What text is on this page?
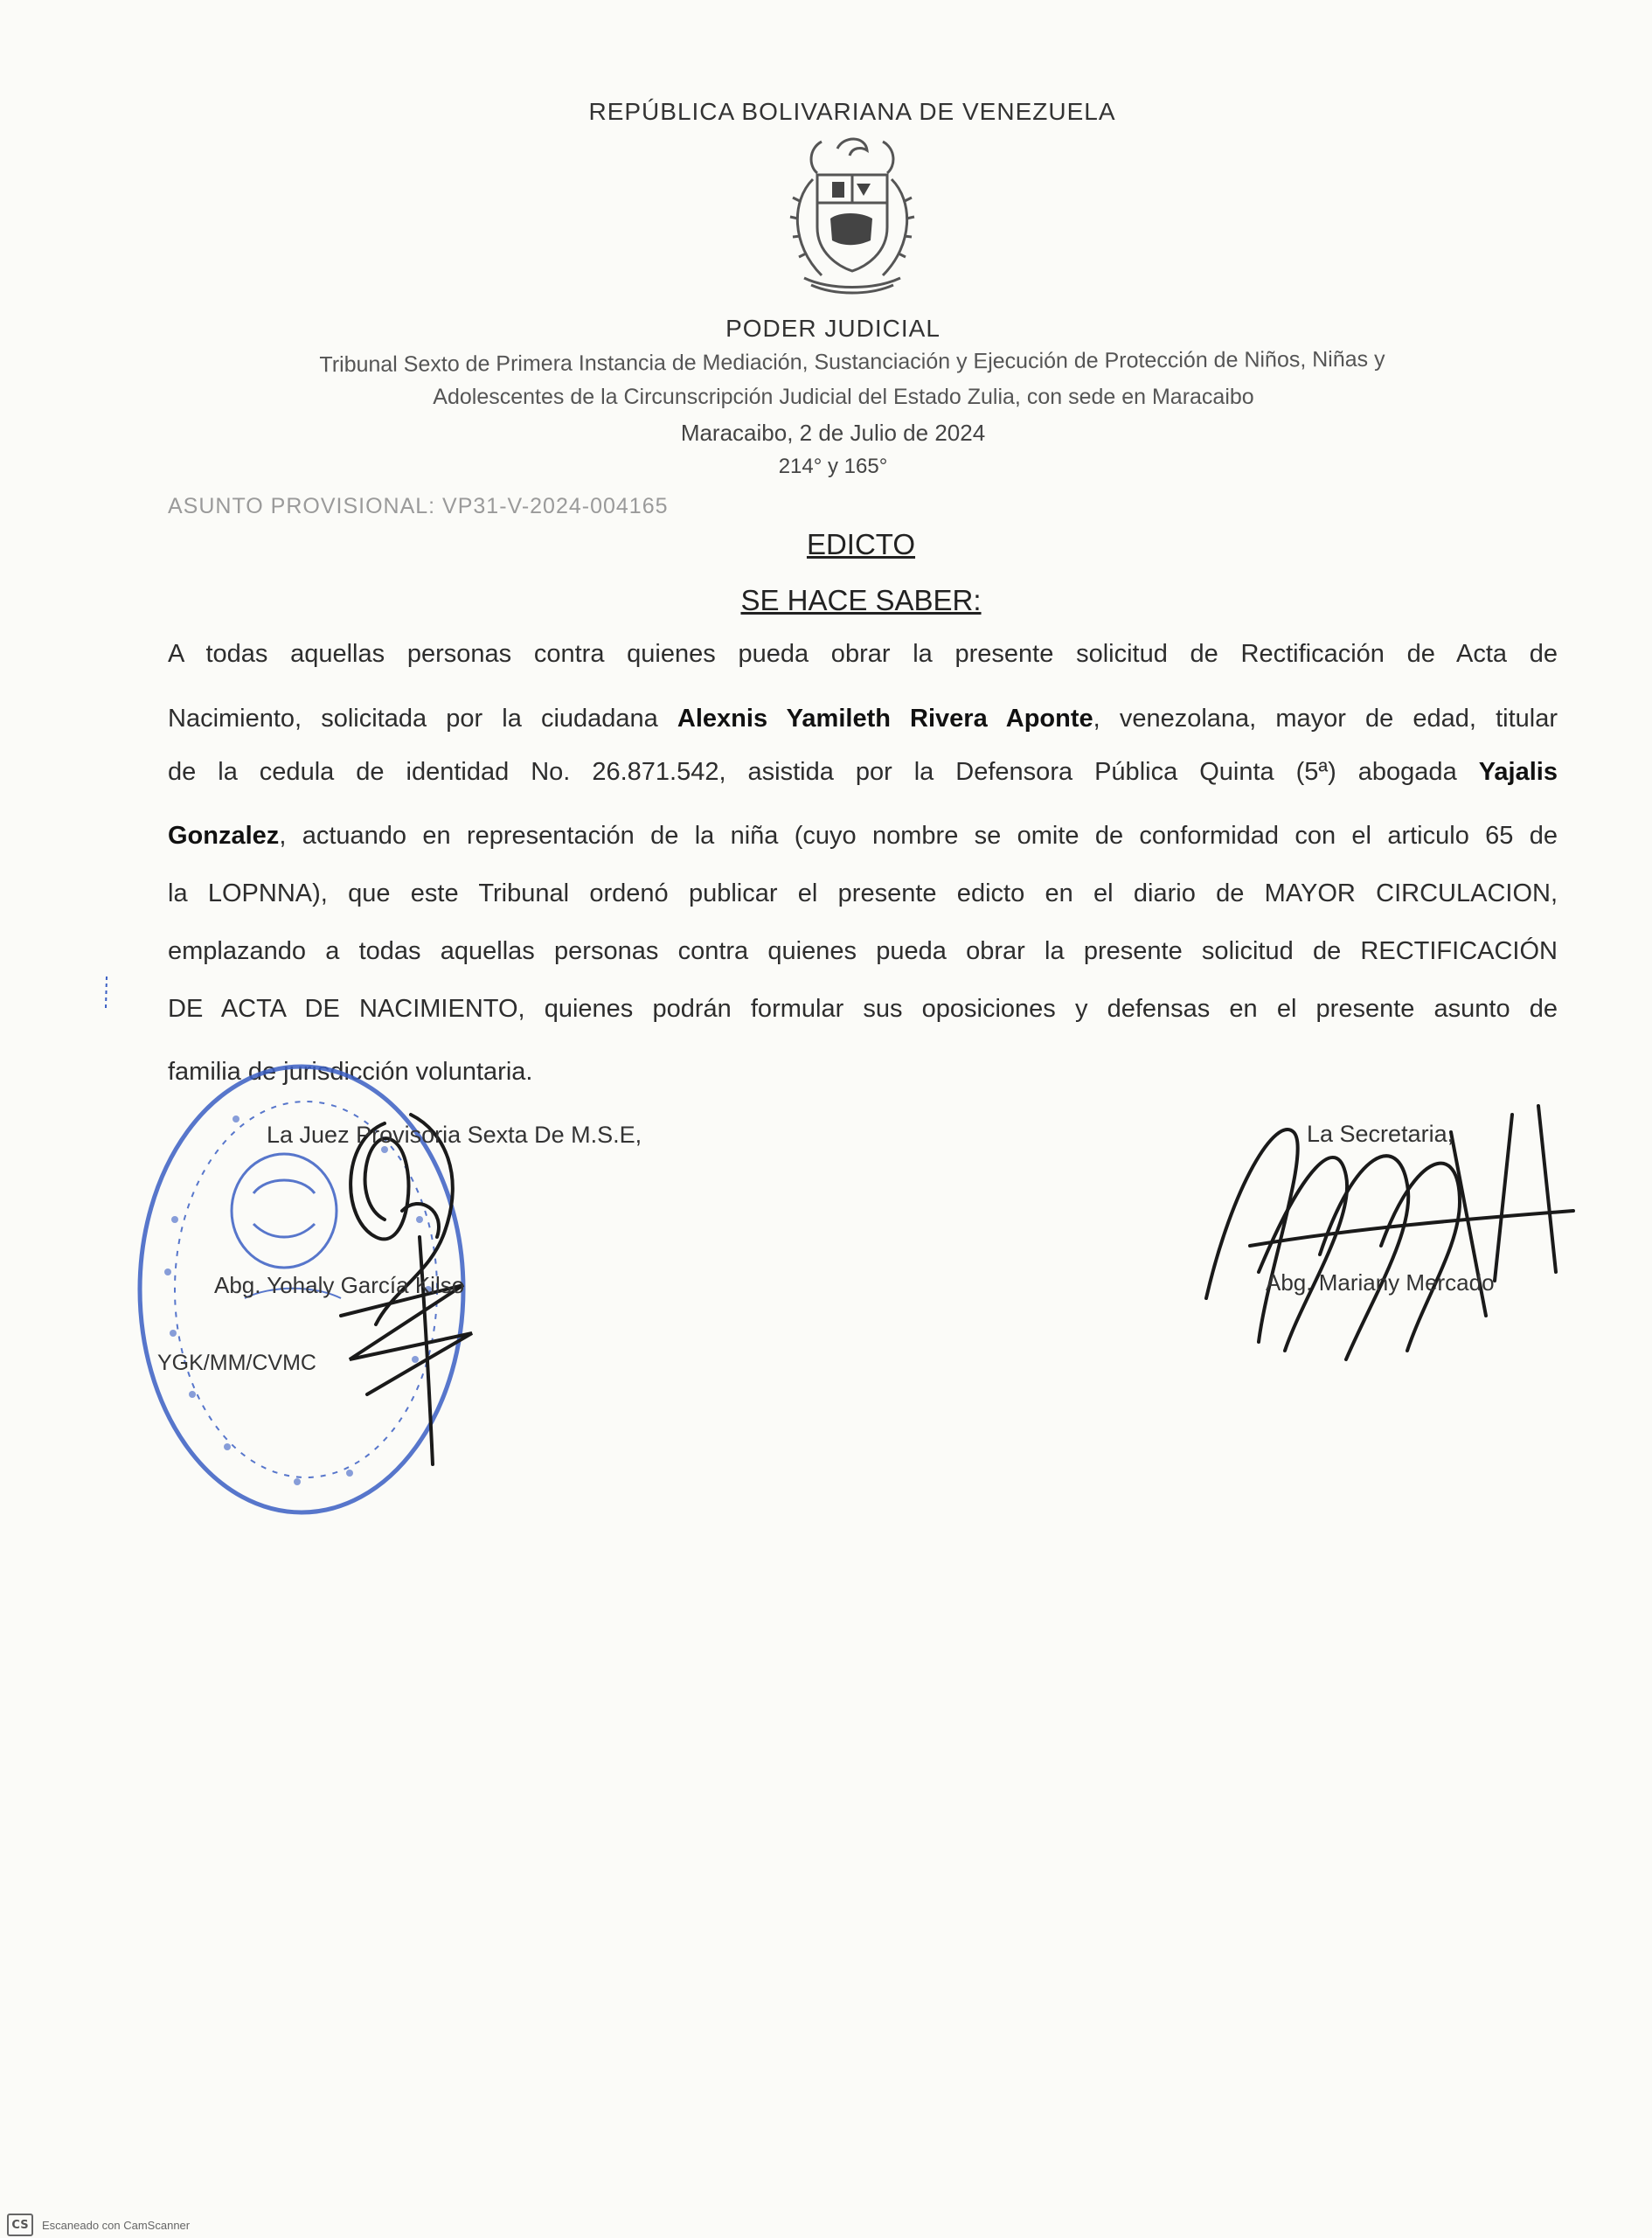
REPÚBLICA BOLIVARIANA DE VENEZUELA
PODER JUDICIAL
Tribunal Sexto de Primera Instancia de Mediación, Sustanciación y Ejecución de Protección de Niños, Niñas y
Adolescentes de la Circunscripción Judicial del Estado Zulia, con sede en Maracaibo
Maracaibo, 2 de Julio de 2024
214° y 165°
ASUNTO PROVISIONAL: VP31-V-2024-004165
EDICTO
SE HACE SABER:
A todas aquellas personas contra quienes pueda obrar la presente solicitud de Rectificación de Acta de
Nacimiento, solicitada por la ciudadana Alexnis Yamileth Rivera Aponte, venezolana, mayor de edad, titular
de la cedula de identidad No. 26.871.542, asistida por la Defensora Pública Quinta (5ª) abogada Yajalis
Gonzalez, actuando en representación de la niña (cuyo nombre se omite de conformidad con el articulo 65 de
la LOPNNA), que este Tribunal ordenó publicar el presente edicto en el diario de MAYOR CIRCULACION,
emplazando a todas aquellas personas contra quienes pueda obrar la presente solicitud de RECTIFICACIÓN
DE ACTA DE NACIMIENTO, quienes podrán formular sus oposiciones y defensas en el presente asunto de
familia de jurisdicción voluntaria.
La Juez Provisoria Sexta De M.S.E,
Abg. Yohaly García Kilso
YGK/MM/CVMC
La Secretaria,
Abg. Mariany Mercado
CS	Escaneado con CamScanner
